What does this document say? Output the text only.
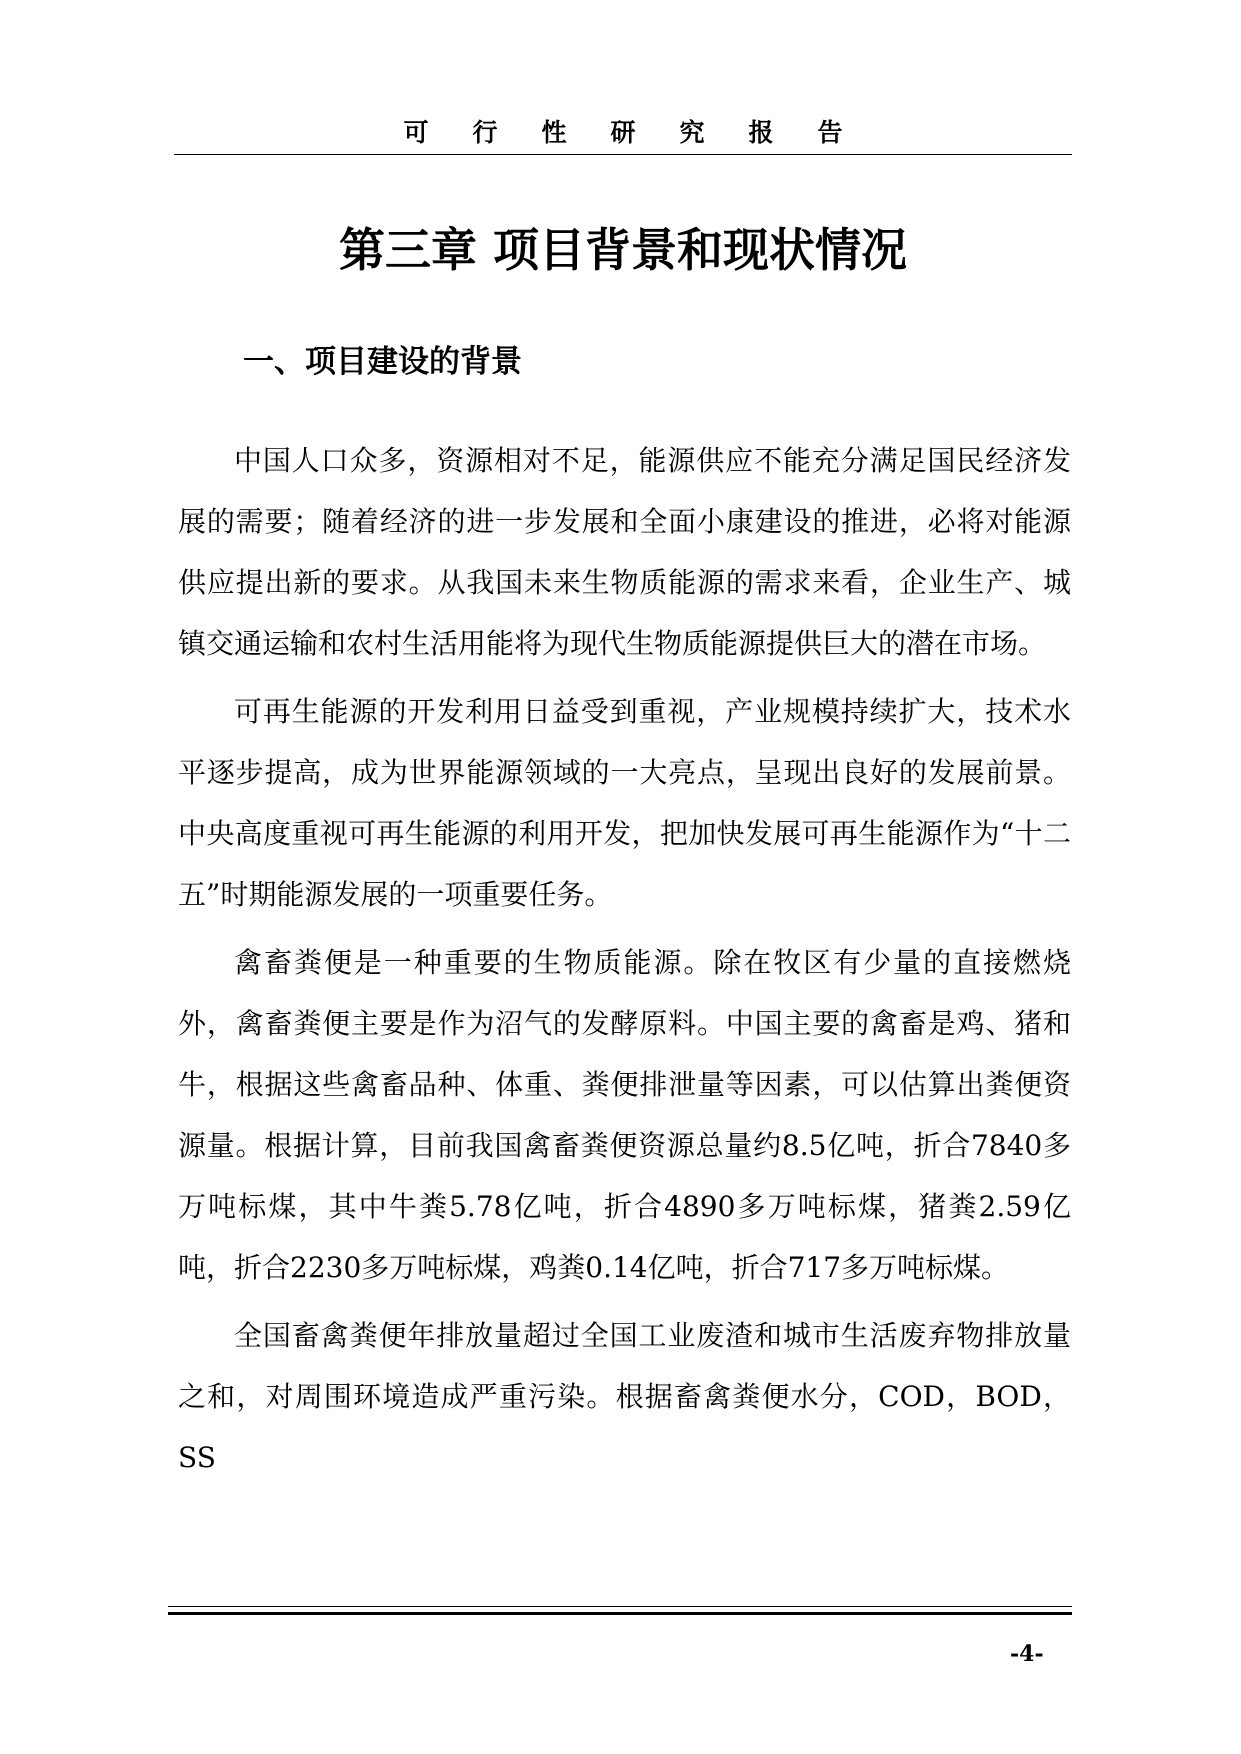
可行性研究报告
第三章 项目背景和现状情况
一、项目建设的背景

中国人口众多，资源相对不足，能源供应不能充分满足国民经济发展的需要；随着经济的进一步发展和全面小康建设的推进，必将对能源供应提出新的要求。从我国未来生物质能源的需求来看，企业生产、城镇交通运输和农村生活用能将为现代生物质能源提供巨大的潜在市场。

可再生能源的开发利用日益受到重视，产业规模持续扩大，技术水平逐步提高，成为世界能源领域的一大亮点，呈现出良好的发展前景。中央高度重视可再生能源的利用开发，把加快发展可再生能源作为“十二五”时期能源发展的一项重要任务。

禽畜粪便是一种重要的生物质能源。除在牧区有少量的直接燃烧外，禽畜粪便主要是作为沼气的发酵原料。中国主要的禽畜是鸡、猪和牛，根据这些禽畜品种、体重、粪便排泄量等因素，可以估算出粪便资源量。根据计算，目前我国禽畜粪便资源总量约8.5亿吨，折合7840多万吨标煤，其中牛粪5.78亿吨，折合4890多万吨标煤，猪粪2.59亿吨，折合2230多万吨标煤，鸡粪0.14亿吨，折合717多万吨标煤。

全国畜禽粪便年排放量超过全国工业废渣和城市生活废弃物排放量之和，对周围环境造成严重污染。根据畜禽粪便水分，COD，BOD，SS

-4-
